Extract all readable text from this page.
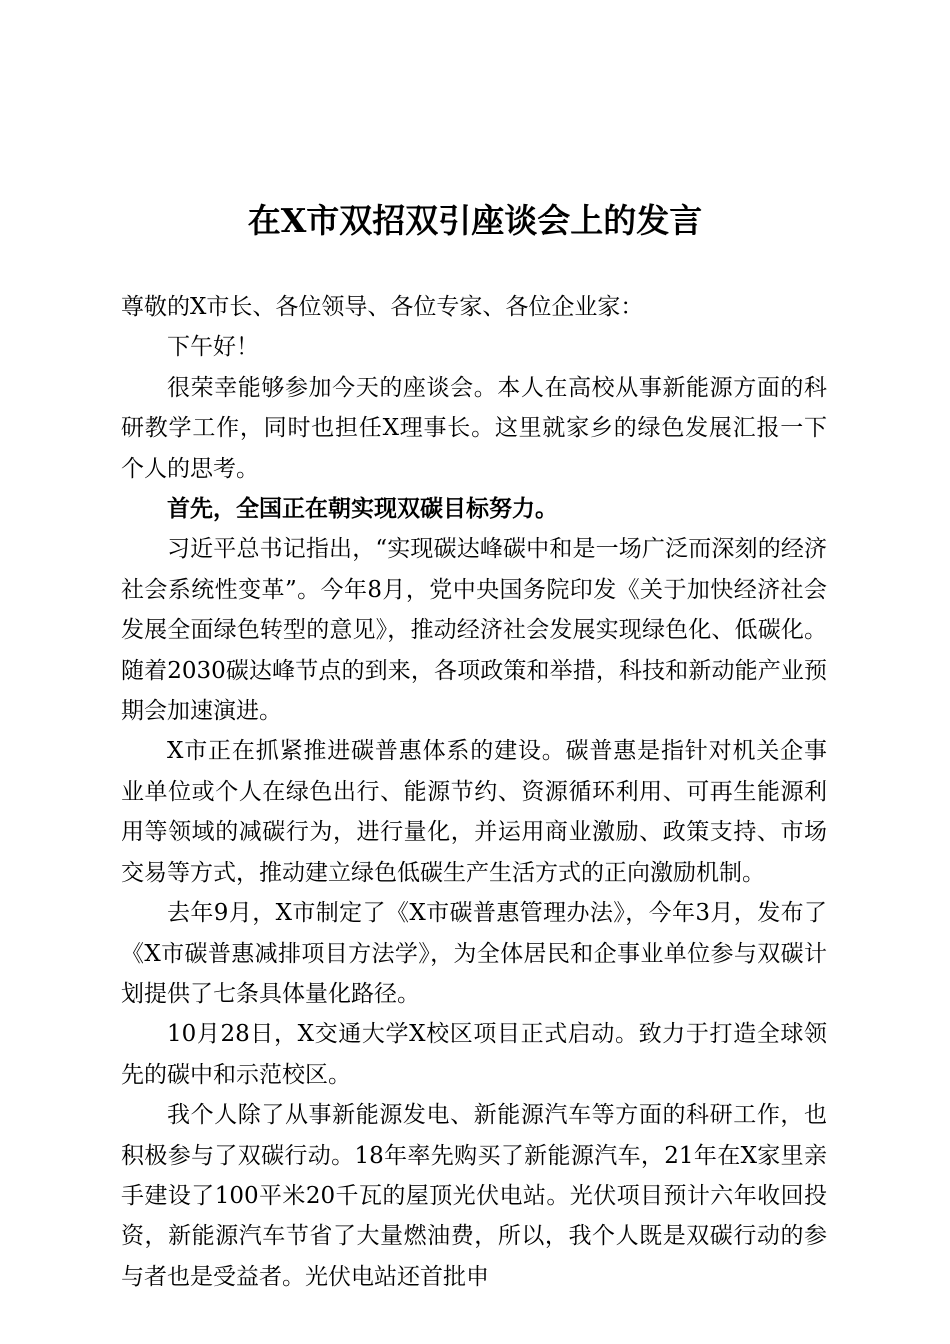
在X市双招双引座谈会上的发言

尊敬的X市长、各位领导、各位专家、各位企业家：

下午好！

很荣幸能够参加今天的座谈会。本人在高校从事新能源方面的科研教学工作，同时也担任X理事长。这里就家乡的绿色发展汇报一下个人的思考。

首先，全国正在朝实现双碳目标努力。

习近平总书记指出，“实现碳达峰碳中和是一场广泛而深刻的经济社会系统性变革”。今年8月，党中央国务院印发《关于加快经济社会发展全面绿色转型的意见》，推动经济社会发展实现绿色化、低碳化。随着2030碳达峰节点的到来，各项政策和举措，科技和新动能产业预期会加速演进。

X市正在抓紧推进碳普惠体系的建设。碳普惠是指针对机关企事业单位或个人在绿色出行、能源节约、资源循环利用、可再生能源利用等领域的减碳行为，进行量化，并运用商业激励、政策支持、市场交易等方式，推动建立绿色低碳生产生活方式的正向激励机制。

去年9月，X市制定了《X市碳普惠管理办法》，今年3月，发布了《X市碳普惠减排项目方法学》，为全体居民和企事业单位参与双碳计划提供了七条具体量化路径。

10月28日，X交通大学X校区项目正式启动。致力于打造全球领先的碳中和示范校区。

我个人除了从事新能源发电、新能源汽车等方面的科研工作，也积极参与了双碳行动。18年率先购买了新能源汽车，21年在X家里亲手建设了100平米20千瓦的屋顶光伏电站。光伏项目预计六年收回投资，新能源汽车节省了大量燃油费，所以，我个人既是双碳行动的参与者也是受益者。光伏电站还首批申
